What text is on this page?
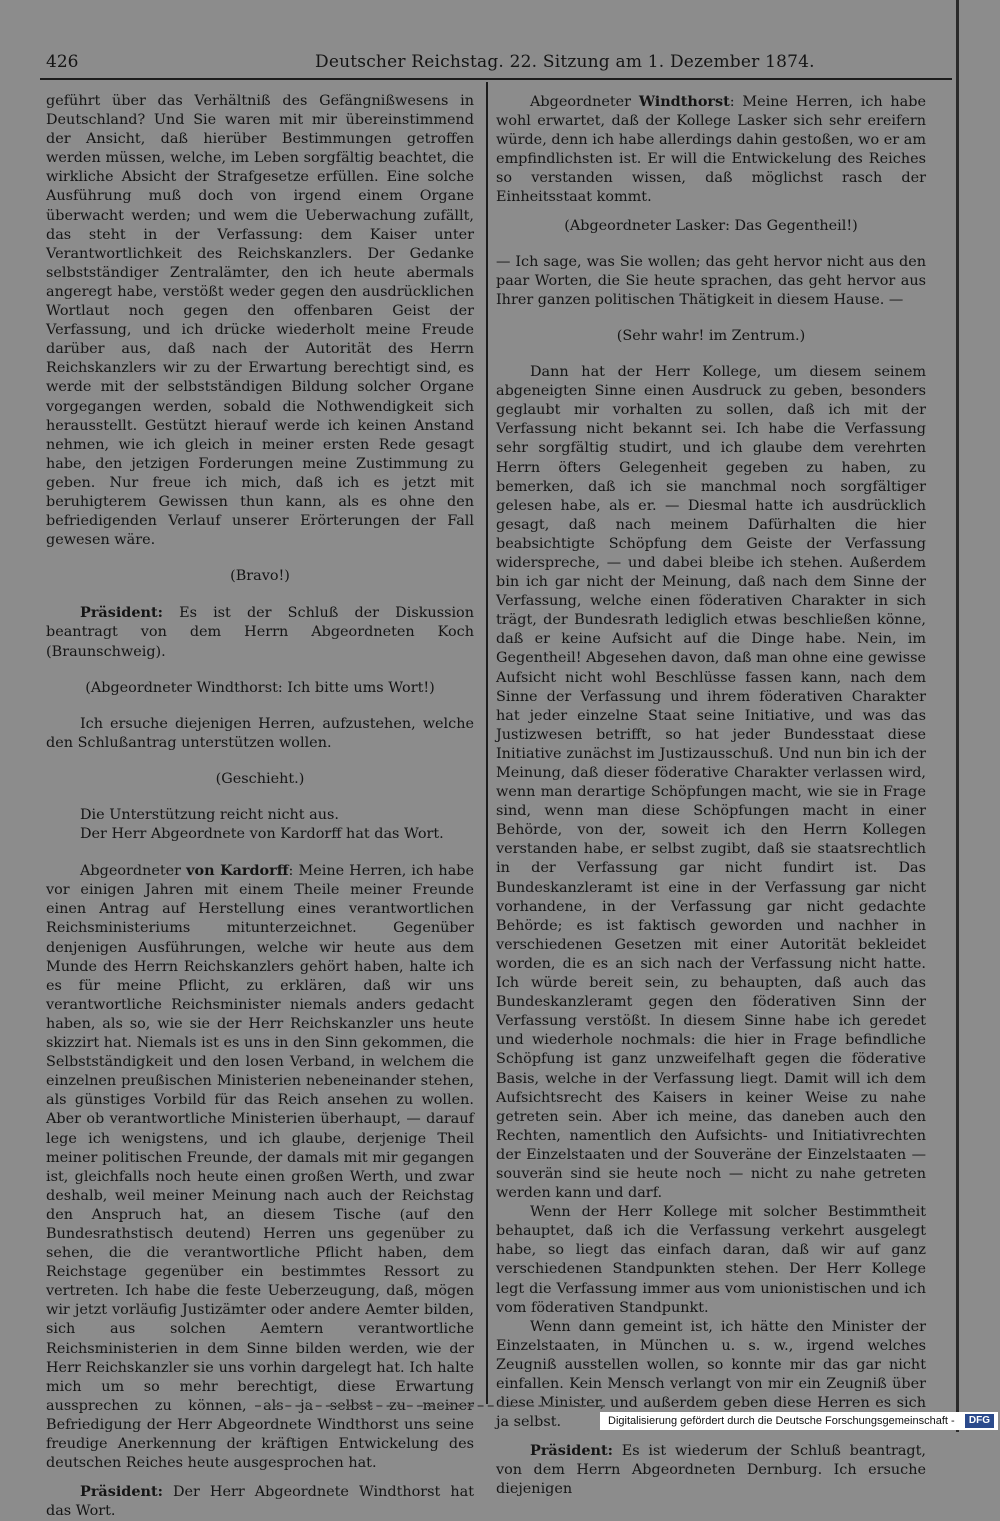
426	Deutscher Reichstag. 22. Sitzung am 1. Dezember 1874.

geführt über das Verhältniß des Gefängnißwesens in Deutschland? Und Sie waren mit mir übereinstimmend der Ansicht, daß hierüber Bestimmungen getroffen werden müssen, welche, im Leben sorgfältig beachtet, die wirkliche Absicht der Strafgesetze erfüllen. Eine solche Ausführung muß doch von irgend einem Organe überwacht werden; und wem die Ueberwachung zufällt, das steht in der Verfassung: dem Kaiser unter Verantwortlichkeit des Reichskanzlers. Der Gedanke selbstständiger Zentralämter, den ich heute abermals angeregt habe, verstößt weder gegen den ausdrücklichen Wortlaut noch gegen den offenbaren Geist der Verfassung, und ich drücke wiederholt meine Freude darüber aus, daß nach der Autorität des Herrn Reichskanzlers wir zu der Erwartung berechtigt sind, es werde mit der selbstständigen Bildung solcher Organe vorgegangen werden, sobald die Nothwendigkeit sich herausstellt. Gestützt hierauf werde ich keinen Anstand nehmen, wie ich gleich in meiner ersten Rede gesagt habe, den jetzigen Forderungen meine Zustimmung zu geben. Nur freue ich mich, daß ich es jetzt mit beruhigterem Gewissen thun kann, als es ohne den befriedigenden Verlauf unserer Erörterungen der Fall gewesen wäre.

(Bravo!)

Präsident: Es ist der Schluß der Diskussion beantragt von dem Herrn Abgeordneten Koch (Braunschweig).

(Abgeordneter Windthorst: Ich bitte ums Wort!)

Ich ersuche diejenigen Herren, aufzustehen, welche den Schlußantrag unterstützen wollen.

(Geschieht.)

Die Unterstützung reicht nicht aus.

Der Herr Abgeordnete von Kardorff hat das Wort.

Abgeordneter von Kardorff: Meine Herren, ich habe vor einigen Jahren mit einem Theile meiner Freunde einen Antrag auf Herstellung eines verantwortlichen Reichsministeriums mitunterzeichnet. Gegenüber denjenigen Ausführungen, welche wir heute aus dem Munde des Herrn Reichskanzlers gehört haben, halte ich es für meine Pflicht, zu erklären, daß wir uns verantwortliche Reichsminister niemals anders gedacht haben, als so, wie sie der Herr Reichskanzler uns heute skizzirt hat. Niemals ist es uns in den Sinn gekommen, die Selbstständigkeit und den losen Verband, in welchem die einzelnen preußischen Ministerien nebeneinander stehen, als günstiges Vorbild für das Reich ansehen zu wollen. Aber ob verantwortliche Ministerien überhaupt, — darauf lege ich wenigstens, und ich glaube, derjenige Theil meiner politischen Freunde, der damals mit mir gegangen ist, gleichfalls noch heute einen großen Werth, und zwar deshalb, weil meiner Meinung nach auch der Reichstag den Anspruch hat, an diesem Tische (auf den Bundesrathstisch deutend) Herren uns gegenüber zu sehen, die die verantwortliche Pflicht haben, dem Reichstage gegenüber ein bestimmtes Ressort zu vertreten. Ich habe die feste Ueberzeugung, daß, mögen wir jetzt vorläufig Justizämter oder andere Aemter bilden, sich aus solchen Aemtern verantwortliche Reichsministerien in dem Sinne bilden werden, wie der Herr Reichskanzler sie uns vorhin dargelegt hat. Ich halte mich um so mehr berechtigt, diese Erwartung aussprechen zu können, als ja selbst zu meiner Befriedigung der Herr Abgeordnete Windthorst uns seine freudige Anerkennung der kräftigen Entwickelung des deutschen Reiches heute ausgesprochen hat.

Präsident: Der Herr Abgeordnete Windthorst hat das Wort.

Abgeordneter Windthorst: Meine Herren, ich habe wohl erwartet, daß der Kollege Lasker sich sehr ereifern würde, denn ich habe allerdings dahin gestoßen, wo er am empfindlichsten ist. Er will die Entwickelung des Reiches so verstanden wissen, daß möglichst rasch der Einheitsstaat kommt.

(Abgeordneter Lasker: Das Gegentheil!)

— Ich sage, was Sie wollen; das geht hervor nicht aus den paar Worten, die Sie heute sprachen, das geht hervor aus Ihrer ganzen politischen Thätigkeit in diesem Hause. —

(Sehr wahr! im Zentrum.)

Dann hat der Herr Kollege, um diesem seinem abgeneigten Sinne einen Ausdruck zu geben, besonders geglaubt mir vorhalten zu sollen, daß ich mit der Verfassung nicht bekannt sei. Ich habe die Verfassung sehr sorgfältig studirt, und ich glaube dem verehrten Herrn öfters Gelegenheit gegeben zu haben, zu bemerken, daß ich sie manchmal noch sorgfältiger gelesen habe, als er. — Diesmal hatte ich ausdrücklich gesagt, daß nach meinem Dafürhalten die hier beabsichtigte Schöpfung dem Geiste der Verfassung widerspreche, — und dabei bleibe ich stehen. Außerdem bin ich gar nicht der Meinung, daß nach dem Sinne der Verfassung, welche einen föderativen Charakter in sich trägt, der Bundesrath lediglich etwas beschließen könne, daß er keine Aufsicht auf die Dinge habe. Nein, im Gegentheil! Abgesehen davon, daß man ohne eine gewisse Aufsicht nicht wohl Beschlüsse fassen kann, nach dem Sinne der Verfassung und ihrem föderativen Charakter hat jeder einzelne Staat seine Initiative, und was das Justizwesen betrifft, so hat jeder Bundesstaat diese Initiative zunächst im Justizausschuß. Und nun bin ich der Meinung, daß dieser föderative Charakter verlassen wird, wenn man derartige Schöpfungen macht, wie sie in Frage sind, wenn man diese Schöpfungen macht in einer Behörde, von der, soweit ich den Herrn Kollegen verstanden habe, er selbst zugibt, daß sie staatsrechtlich in der Verfassung gar nicht fundirt ist. Das Bundeskanzleramt ist eine in der Verfassung gar nicht vorhandene, in der Verfassung gar nicht gedachte Behörde; es ist faktisch geworden und nachher in verschiedenen Gesetzen mit einer Autorität bekleidet worden, die es an sich nach der Verfassung nicht hatte. Ich würde bereit sein, zu behaupten, daß auch das Bundeskanzleramt gegen den föderativen Sinn der Verfassung verstößt. In diesem Sinne habe ich geredet und wiederhole nochmals: die hier in Frage befindliche Schöpfung ist ganz unzweifelhaft gegen die föderative Basis, welche in der Verfassung liegt. Damit will ich dem Aufsichtsrecht des Kaisers in keiner Weise zu nahe getreten sein. Aber ich meine, das daneben auch den Rechten, namentlich den Aufsichts- und Initiativrechten der Einzelstaaten und der Souveräne der Einzelstaaten — souverän sind sie heute noch — nicht zu nahe getreten werden kann und darf.

Wenn der Herr Kollege mit solcher Bestimmtheit behauptet, daß ich die Verfassung verkehrt ausgelegt habe, so liegt das einfach daran, daß wir auf ganz verschiedenen Standpunkten stehen. Der Herr Kollege legt die Verfassung immer aus vom unionistischen und ich vom föderativen Standpunkt.

Wenn dann gemeint ist, ich hätte den Minister der Einzelstaaten, in München u. s. w., irgend welches Zeugniß ausstellen wollen, so konnte mir das gar nicht einfallen. Kein Mensch verlangt von mir ein Zeugniß über diese Minister, und außerdem geben diese Herren es sich ja selbst.

Präsident: Es ist wiederum der Schluß beantragt, von dem Herrn Abgeordneten Dernburg. Ich ersuche diejenigen

Digitalisierung gefördert durch die Deutsche Forschungsgemeinschaft -	DFG
